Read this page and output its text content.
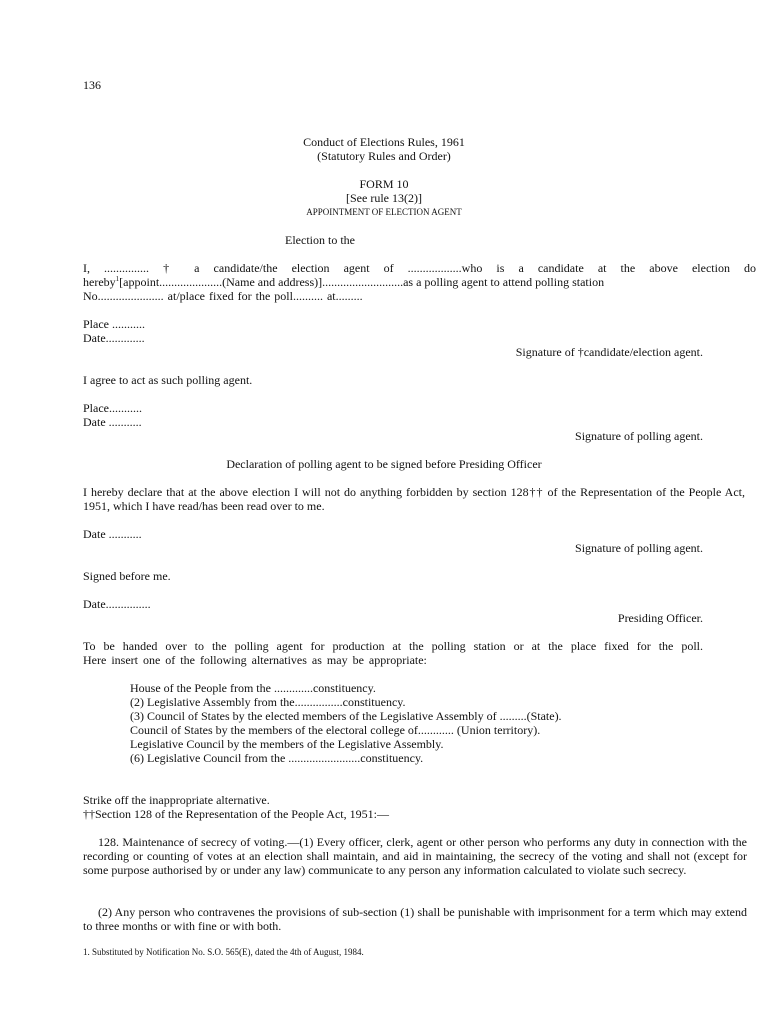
136
Conduct of Elections Rules, 1961
(Statutory Rules and Order)
FORM 10
[See rule 13(2)]
APPOINTMENT OF ELECTION AGENT
Election to the
I, ............... † a candidate/the election agent of ..................who is a candidate at the above election do
hereby$^1$[appoint.....................(Name and address)]...........................as a polling agent to attend polling station
No...................... at/place fixed for the poll.......... at.........
Place ...........
Date.............
Signature of †candidate/election agent.
I agree to act as such polling agent.
Place...........
Date ...........
Signature of polling agent.
Declaration of polling agent to be signed before Presiding Officer
I hereby declare that at the above election I will not do anything forbidden by section 128†† of the Representation of the People Act, 1951, which I have read/has been read over to me.
Date ...........
Signature of polling agent.
Signed before me.
Date...............
Presiding Officer.
To be handed over to the polling agent for production at the polling station or at the place fixed for the poll.
Here insert one of the following alternatives as may be appropriate:
House of the People from the .............constituency.
(2) Legislative Assembly from the................constituency.
(3) Council of States by the elected members of the Legislative Assembly of .........(State).
Council of States by the members of the electoral college of............ (Union territory).
Legislative Council by the members of the Legislative Assembly.
(6) Legislative Council from the ........................constituency.
Strike off the inappropriate alternative.
††Section 128 of the Representation of the People Act, 1951:—
128. Maintenance of secrecy of voting.—(1) Every officer, clerk, agent or other person who performs any duty in connection with the recording or counting of votes at an election shall maintain, and aid in maintaining, the secrecy of the voting and shall not (except for some purpose authorised by or under any law) communicate to any person any information calculated to violate such secrecy.
(2) Any person who contravenes the provisions of sub-section (1) shall be punishable with imprisonment for a term which may extend to three months or with fine or with both.
1. Substituted by Notification No. S.O. 565(E), dated the 4th of August, 1984.
